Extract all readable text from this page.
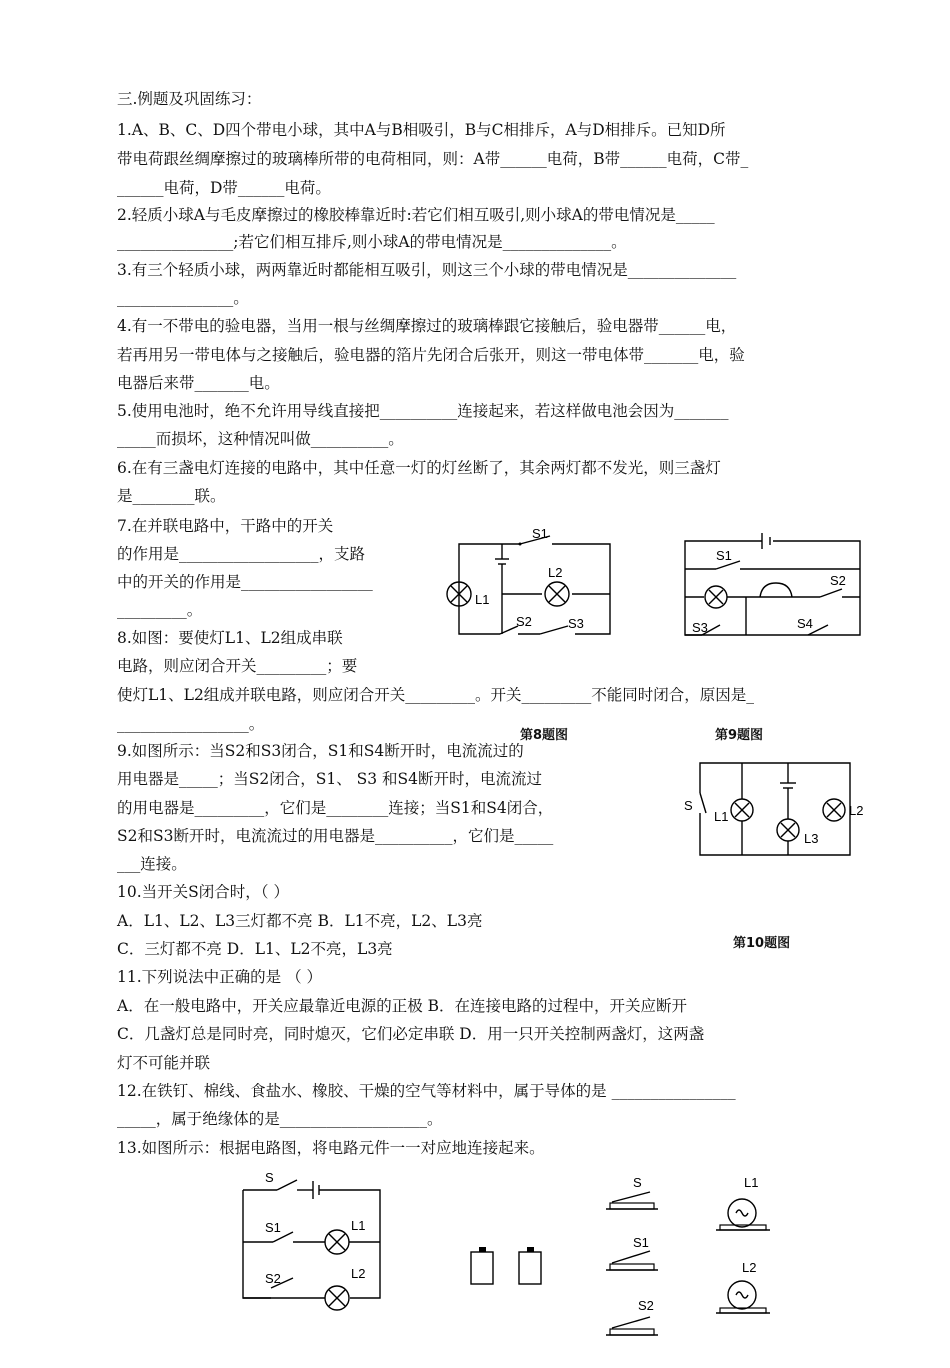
三.例题及巩固练习：
1.A、B、C、D四个带电小球，其中A与B相吸引，B与C相排斥，A与D相排斥。已知D所
带电荷跟丝绸摩擦过的玻璃棒所带的电荷相同，则：A带______电荷，B带______电荷，C带_
______电荷，D带______电荷。
2.轻质小球A与毛皮摩擦过的橡胶棒靠近时:若它们相互吸引,则小球A的带电情况是_____
_______________;若它们相互排斥,则小球A的带电情况是______________。
3.有三个轻质小球，两两靠近时都能相互吸引，则这三个小球的带电情况是______________
_______________。
4.有一不带电的验电器，当用一根与丝绸摩擦过的玻璃棒跟它接触后，验电器带______电，
若再用另一带电体与之接触后，验电器的箔片先闭合后张开，则这一带电体带_______电，验
电器后来带_______电。
5.使用电池时，绝不允许用导线直接把__________连接起来，若这样做电池会因为_______
_____而损坏，这种情况叫做__________。
6.在有三盏电灯连接的电路中，其中任意一灯的灯丝断了，其余两灯都不发光，则三盏灯
是________联。
7.在并联电路中，干路中的开关
的作用是__________________，支路
中的开关的作用是_________________
_________。
8.如图：要使灯L1、L2组成串联
电路，则应闭合开关_________；要
使灯L1、L2组成并联电路，则应闭合开关_________。开关_________不能同时闭合，原因是_
_________________。
9.如图所示：当S2和S3闭合，S1和S4断开时，电流流过的
用电器是_____；当S2闭合，S1、 S3 和S4断开时，电流流过
的用电器是_________，它们是________连接；当S1和S4闭合，
S2和S3断开时，电流流过的用电器是__________，它们是_____
___连接。
10.当开关S闭合时，（ ）
A．L1、L2、L3三灯都不亮 B．L1不亮，L2、L3亮
C．三灯都不亮 D．L1、L2不亮，L3亮
11.下列说法中正确的是 （ ）
A．在一般电路中，开关应最靠近电源的正极 B．在连接电路的过程中，开关应断开
C．几盏灯总是同时亮，同时熄灭，它们必定串联 D．用一只开关控制两盏灯，这两盏
灯不可能并联
12.在铁钉、棉线、食盐水、橡胶、干燥的空气等材料中，属于导体的是 ________________
_____，属于绝缘体的是___________________。
13.如图所示：根据电路图，将电路元件一一对应地连接起来。
第8题图	第9题图
第10题图
S1
S2	S3
L1
L2
S1
S2
S3	S4
S
L1
L3
L2
S
S1
S2
L1
L2
S
S1
S2
L1
L2
